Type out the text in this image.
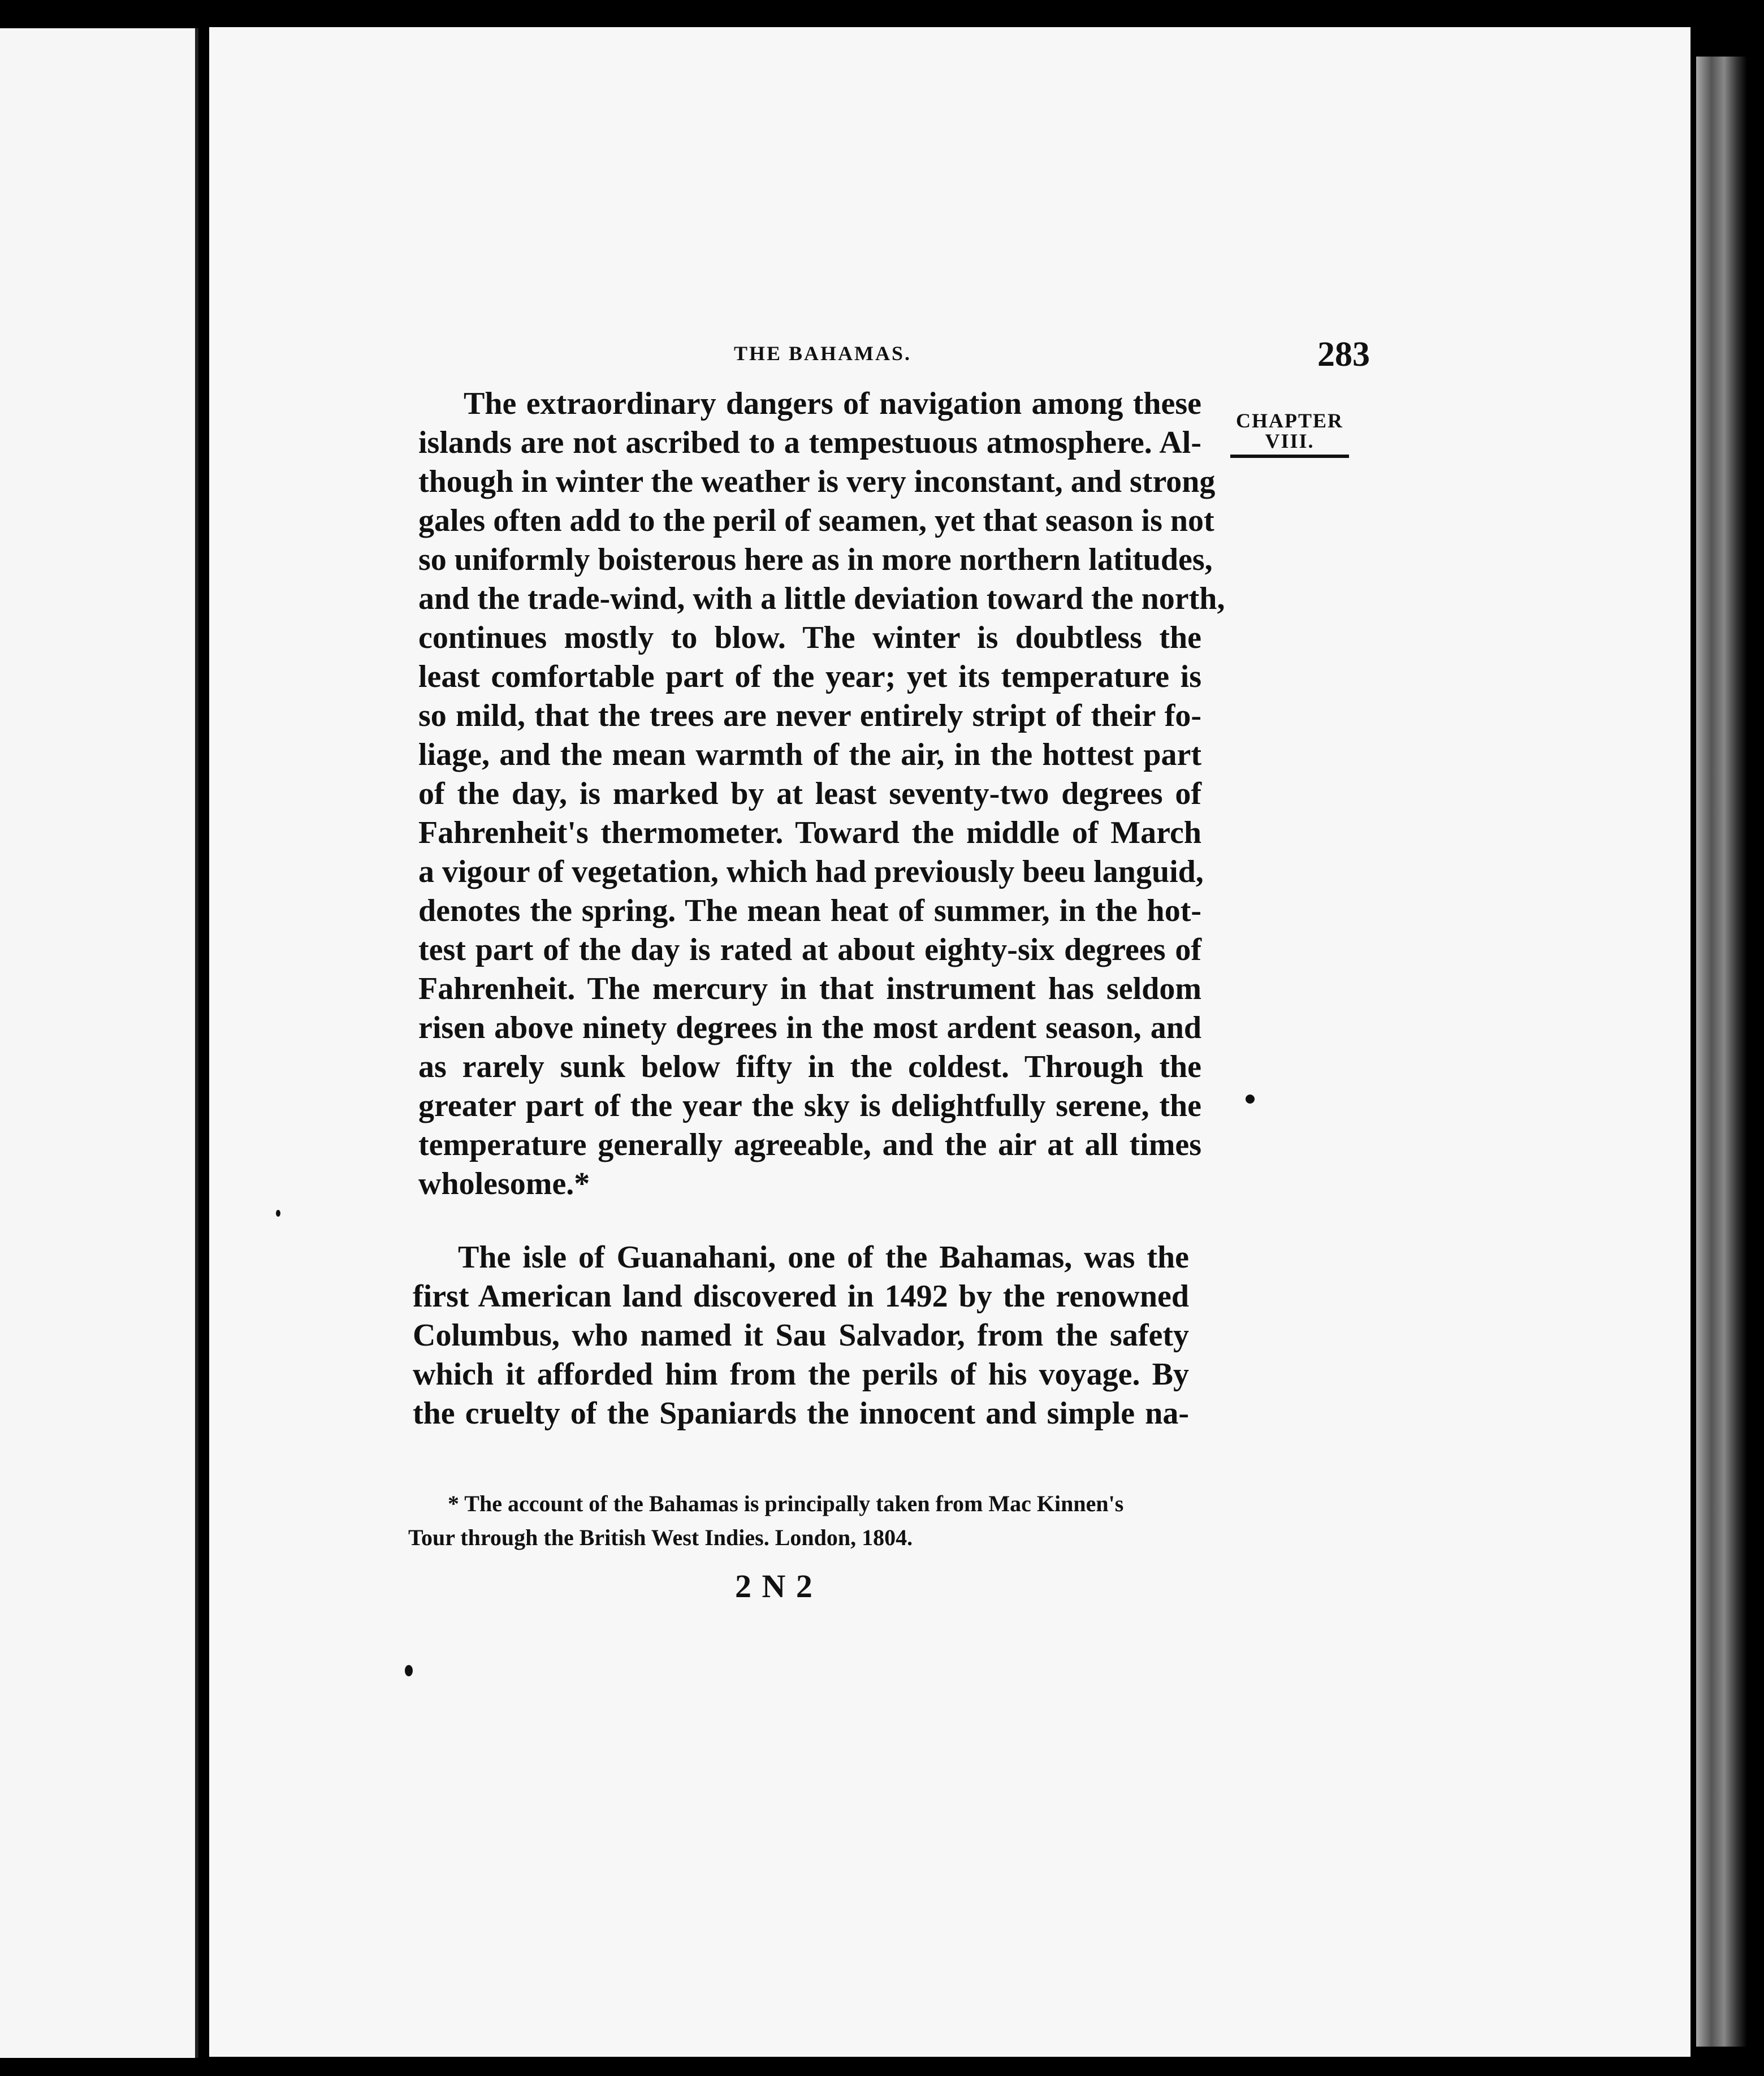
THE BAHAMAS.	283
CHAPTER
VIII.
The extraordinary dangers of navigation among these
islands are not ascribed to a tempestuous atmosphere. Al-
though in winter the weather is very inconstant, and strong
gales often add to the peril of seamen, yet that season is not
so uniformly boisterous here as in more northern latitudes,
and the trade-wind, with a little deviation toward the north,
continues mostly to blow. The winter is doubtless the
least comfortable part of the year; yet its temperature is
so mild, that the trees are never entirely stript of their fo-
liage, and the mean warmth of the air, in the hottest part
of the day, is marked by at least seventy-two degrees of
Fahrenheit's thermometer. Toward the middle of March
a vigour of vegetation, which had previously beeu languid,
denotes the spring. The mean heat of summer, in the hot-
test part of the day is rated at about eighty-six degrees of
Fahrenheit. The mercury in that instrument has seldom
risen above ninety degrees in the most ardent season, and
as rarely sunk below fifty in the coldest. Through the
greater part of the year the sky is delightfully serene, the
temperature generally agreeable, and the air at all times
wholesome.*
The isle of Guanahani, one of the Bahamas, was the
first American land discovered in 1492 by the renowned
Columbus, who named it Sau Salvador, from the safety
which it afforded him from the perils of his voyage. By
the cruelty of the Spaniards the innocent and simple na-
* The account of the Bahamas is principally taken from Mac Kinnen's
Tour through the British West Indies. London, 1804.
2 N 2
